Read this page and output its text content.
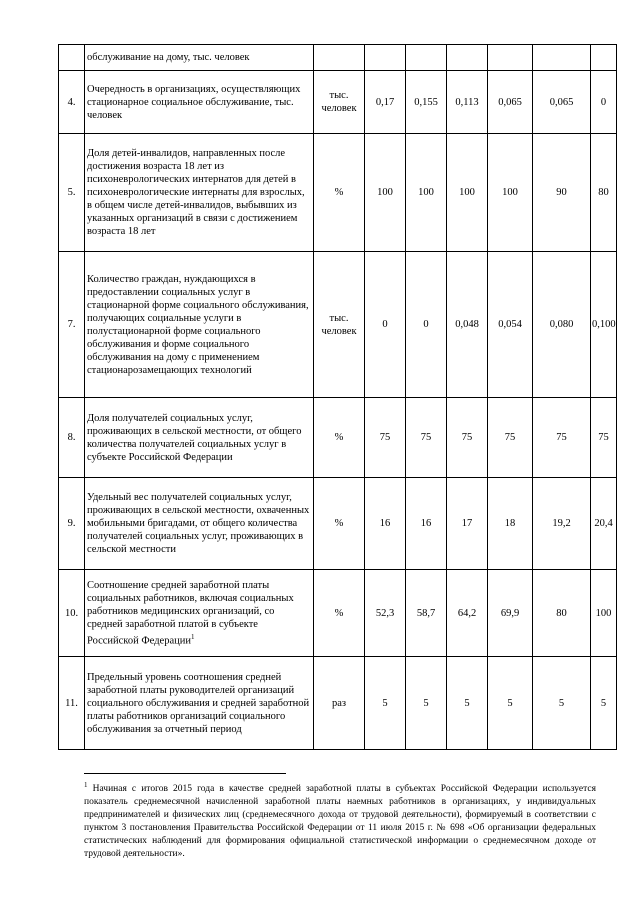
	обслуживание на дому, тыс. человек							
4.	Очередность в организациях, осуществляющих стационарное социальное обслуживание, тыс. человек	тыс. человек	0,17	0,155	0,113	0,065	0,065	0
5.	Доля детей-инвалидов, направленных после достижения возраста 18 лет из психоневрологических интернатов для детей в психоневрологические интернаты для взрослых, в общем числе детей-инвалидов, выбывших из указанных организаций в связи с достижением возраста 18 лет	%	100	100	100	100	90	80
7.	Количество граждан, нуждающихся в предоставлении социальных услуг в стационарной форме социального обслуживания, получающих социальные услуги в полустационарной форме социального обслуживания и форме социального обслуживания на дому с применением стационарозамещающих технологий	тыс. человек	0	0	0,048	0,054	0,080	0,100
8.	Доля получателей социальных услуг, проживающих в сельской местности, от общего количества получателей социальных услуг в субъекте Российской Федерации	%	75	75	75	75	75	75
9.	Удельный вес получателей социальных услуг, проживающих в сельской местности, охваченных мобильными бригадами, от общего количества получателей социальных услуг, проживающих в сельской местности	%	16	16	17	18	19,2	20,4
10.	Соотношение средней заработной платы социальных работников, включая социальных работников медицинских организаций, со средней заработной платой в субъекте Российской Федерации$^1$	%	52,3	58,7	64,2	69,9	80	100
11.	Предельный уровень соотношения средней заработной платы руководителей организаций социального обслуживания и средней заработной платы работников организаций социального обслуживания за отчетный период	раз	5	5	5	5	5	5
$^1$ Начиная с итогов 2015 года в качестве средней заработной платы в субъектах Российской Федерации используется показатель среднемесячной начисленной заработной платы наемных работников в организациях, у индивидуальных предпринимателей и физических лиц (среднемесячного дохода от трудовой деятельности), формируемый в соответствии с пунктом 3 постановления Правительства Российской Федерации от 11 июля 2015 г. № 698 «Об организации федеральных статистических наблюдений для формирования официальной статистической информации о среднемесячном доходе от трудовой деятельности».
